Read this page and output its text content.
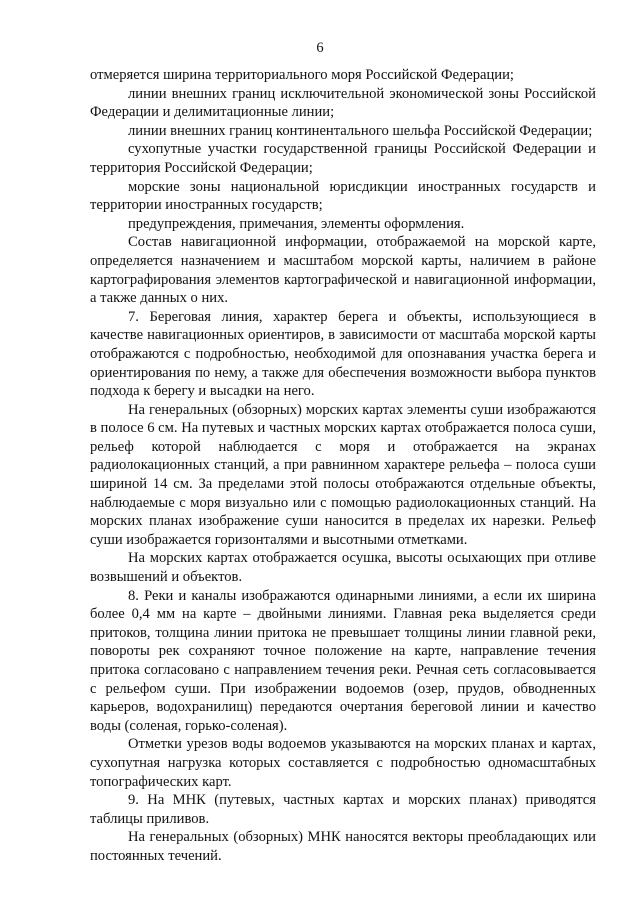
6

отмеряется ширина территориального моря Российской Федерации;

линии внешних границ исключительной экономической зоны Российской Федерации и делимитационные линии;

линии внешних границ континентального шельфа Российской Федерации;

сухопутные участки государственной границы Российской Федерации и территория Российской Федерации;

морские зоны национальной юрисдикции иностранных государств и территории иностранных государств;

предупреждения, примечания, элементы оформления.

Состав навигационной информации, отображаемой на морской карте, определяется назначением и масштабом морской карты, наличием в районе картографирования элементов картографической и навигационной информации, а также данных о них.

7. Береговая линия, характер берега и объекты, использующиеся в качестве навигационных ориентиров, в зависимости от масштаба морской карты отображаются с подробностью, необходимой для опознавания участка берега и ориентирования по нему, а также для обеспечения возможности выбора пунктов подхода к берегу и высадки на него.

На генеральных (обзорных) морских картах элементы суши изображаются в полосе 6 см. На путевых и частных морских картах отображается полоса суши, рельеф которой наблюдается с моря и отображается на экранах радиолокационных станций, а при равнинном характере рельефа – полоса суши шириной 14 см. За пределами этой полосы отображаются отдельные объекты, наблюдаемые с моря визуально или с помощью радиолокационных станций. На морских планах изображение суши наносится в пределах их нарезки. Рельеф суши изображается горизонталями и высотными отметками.

На морских картах отображается осушка, высоты осыхающих при отливе возвышений и объектов.

8. Реки и каналы изображаются одинарными линиями, а если их ширина более 0,4 мм на карте – двойными линиями. Главная река выделяется среди притоков, толщина линии притока не превышает толщины линии главной реки, повороты рек сохраняют точное положение на карте, направление течения притока согласовано с направлением течения реки. Речная сеть согласовывается с рельефом суши. При изображении водоемов (озер, прудов, обводненных карьеров, водохранилищ) передаются очертания береговой линии и качество воды (соленая, горько-соленая).

Отметки урезов воды водоемов указываются на морских планах и картах, сухопутная нагрузка которых составляется с подробностью одномасштабных топографических карт.

9. На МНК (путевых, частных картах и морских планах) приводятся таблицы приливов.

На генеральных (обзорных) МНК наносятся векторы преобладающих или постоянных течений.
